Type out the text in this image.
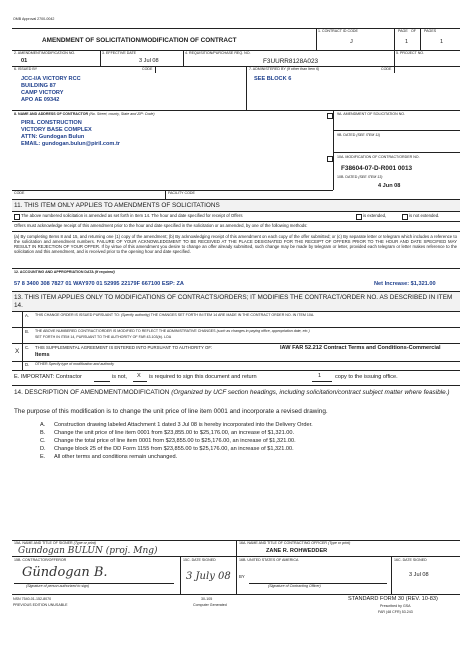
OMB Approval 2700-0042
AMENDMENT OF SOLICITATION/MODIFICATION OF CONTRACT
1. CONTRACT ID CODE
J
PAGE OF PAGES
1	1
2. AMENDMENT/MODIFICATION NO.
01
3. EFFECTIVE DATE
3 Jul 08
4. REQUISITION/PURCHASE REQ. NO.
F3UURR8128A023
5. PROJECT NO.
6. ISSUED BY	CODE
JCC-I/A VICTORY RCC
BUILDING 87
CAMP VICTORY
APO AE 09342
7. ADMINISTERED BY (If other than Item 6)	CODE
SEE BLOCK 6
8. NAME AND ADDRESS OF CONTRACTOR (No. Street, county, State and ZIP: Code)
PIRIL CONSTRUCTION
VICTORY BASE COMPLEX
ATTN: Gundogan Bulun
EMAIL: gundogan.bulun@piril.com.tr
9A. AMENDMENT OF SOLICITATION NO.
9B. DATED (SEE ITEM 11)
10A. MODIFICATION OF CONTRACT/ORDER NO.
F38604-07-D-R001 0013
10B. DATED (SEE ITEM 13)
4 Jun 08
CODE	FACILITY CODE
11. THIS ITEM ONLY APPLIES TO AMENDMENTS OF SOLICITATIONS
The above numbered solicitation is amended as set forth in Item 14. The hour and date specified for receipt of Offers	is extended,	is not extended.
Offers must acknowledge receipt of this amendment prior to the hour and date specified in the solicitation or as amended, by one of the following methods:
(a) By completing Items 8 and 15, and returning one (1) copy of the amendment; (b) By acknowledging receipt of this amendment on each copy of the offer submitted; or (c) By separate letter or telegram which includes a reference to the solicitation and amendment numbers. FAILURE OF YOUR ACKNOWLEDGMENT TO BE RECEIVED AT THE PLACE DESIGNATED FOR THE RECEIPT OF OFFERS PRIOR TO THE HOUR AND DATE SPECIFIED MAY RESULT IN REJECTION OF YOUR OFFER. If by virtue of this amendment you desire to change an offer already submitted, such change may be made by telegram or letter, provided each telegram or letter makes reference to the solicitation and this amendment, and is received prior to the opening hour and date specified.
12. ACCOUNTING AND APPROPRIATION DATA (If required)
57 8 3400 308 7827 01 WAY970 01 52995 22179F 667100 ESP: ZA	Net Increase: $1,321.00
13. THIS ITEM APPLIES ONLY TO MODIFICATIONS OF CONTRACTS/ORDERS; IT MODIFIES THE CONTRACT/ORDER NO. AS DESCRIBED IN ITEM 14.
A. THIS CHANGE ORDER IS ISSUED PURSUANT TO: (Specify authority) THE CHANGES SET FORTH IN ITEM 14 ARE MADE IN THE CONTRACT ORDER NO. IN ITEM 10A.
B. THE ABOVE NUMBERED CONTRACT/ORDER IS MODIFIED TO REFLECT THE ADMINISTRATIVE CHANGES (such as changes in paying office, appropriation date, etc.)
SET FORTH IN ITEM 14, PURSUANT TO THE AUTHORITY OF FAR 43.103(b). LOA
X
C. THIS SUPPLEMENTAL AGREEMENT IS ENTERED INTO PURSUANT TO AUTHORITY OF:	IAW FAR 52.212 Contract Terms and Conditions-Commercial Items
D. OTHER Specify type of modification and authority
E. IMPORTANT: Contractor	is not, X is required to sign this document and return	1 copy to the issuing office.
14. DESCRIPTION OF AMENDMENT/MODIFICATION (Organized by UCF section headings, including solicitation/contract subject matter where feasible.)
The purpose of this modification is to change the unit price of line item 0001 and incorporate a revised drawing.
A. Construction drawing labeled Attachment 1 dated 3 Jul 08 is hereby incorporated into the Delivery Order.
B. Change the unit price of line item 0001 from $23,855.00 to $25,176.00, an increase of $1,321.00.
C. Change the total price of line item 0001 from $23,855.00 to $25,176.00, an increase of $1,321.00.
D. Change block 25 of the DD Form 1155 from $23,855.00 to $25,176.00, an increase of $1,321.00.
E. All other terms and conditions remain unchanged.
15A. NAME AND TITLE OF SIGNER (Type or print)
Gundogan BULUN (proj. Mng)
16A. NAME AND TITLE OF CONTRACTING OFFICER (Type or print)
ZANE R. ROHWEDDER
15B. CONTRACTOR/OFFEROR
Gündogan B.
(Signature of person authorized to sign)
15C. DATE SIGNED
3 July 08
16B. UNITED STATES OF AMERICA
BY
(Signature of Contracting Officer)
16C. DATE SIGNED
3 Jul 08
NSN 7540-01-152-8070
PREVIOUS EDITION UNUSABLE
30-105
Computer Generated
STANDARD FORM 30 (REV. 10-83)
Prescribed by GSA
FAR (48 CFR) 53.243
